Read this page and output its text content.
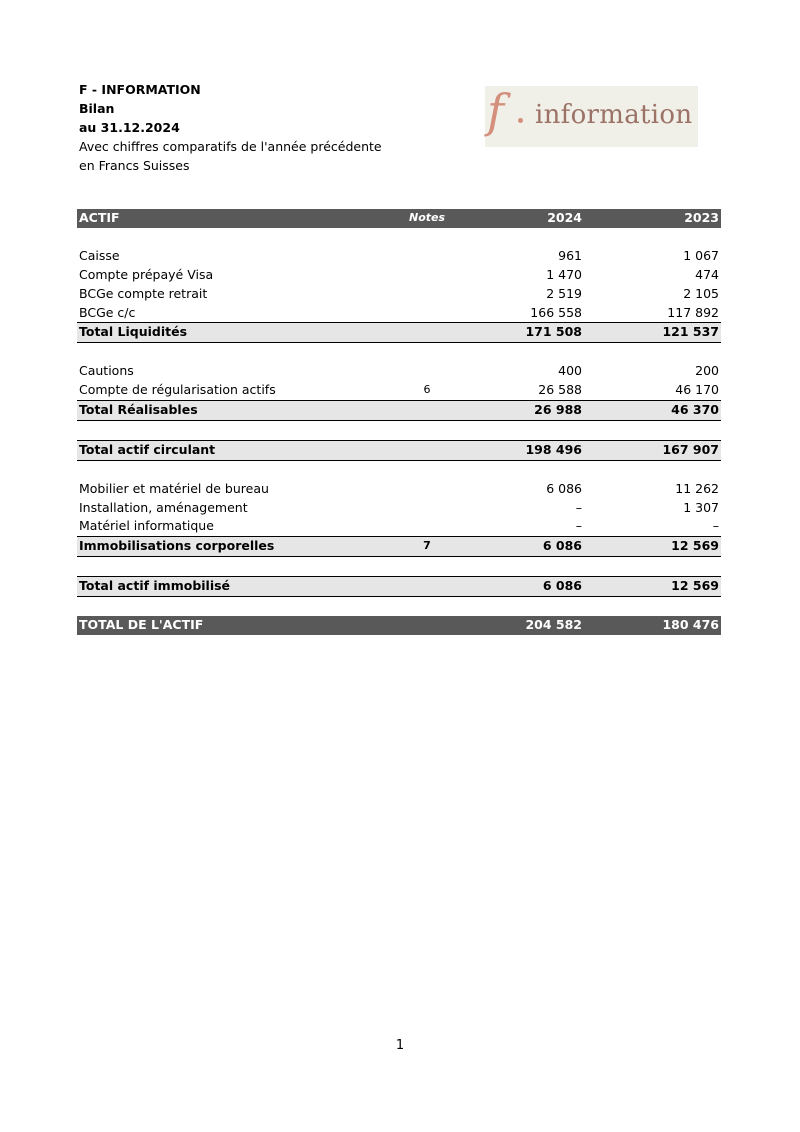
F - INFORMATION
Bilan
au 31.12.2024
Avec chiffres comparatifs de l'année précédente
en Francs Suisses
f information
ACTIF	Notes	2024	2023

Caisse		961	1 067
Compte prépayé Visa		1 470	474
BCGe compte retrait		2 519	2 105
BCGe c/c		166 558	117 892
Total Liquidités		171 508	121 537

Cautions		400	200
Compte de régularisation actifs	6	26 588	46 170
Total Réalisables		26 988	46 370

Total actif circulant		198 496	167 907

Mobilier et matériel de bureau		6 086	11 262
Installation, aménagement		–	1 307
Matériel informatique		–	–
Immobilisations corporelles	7	6 086	12 569

Total actif immobilisé		6 086	12 569

TOTAL DE L'ACTIF		204 582	180 476
1
